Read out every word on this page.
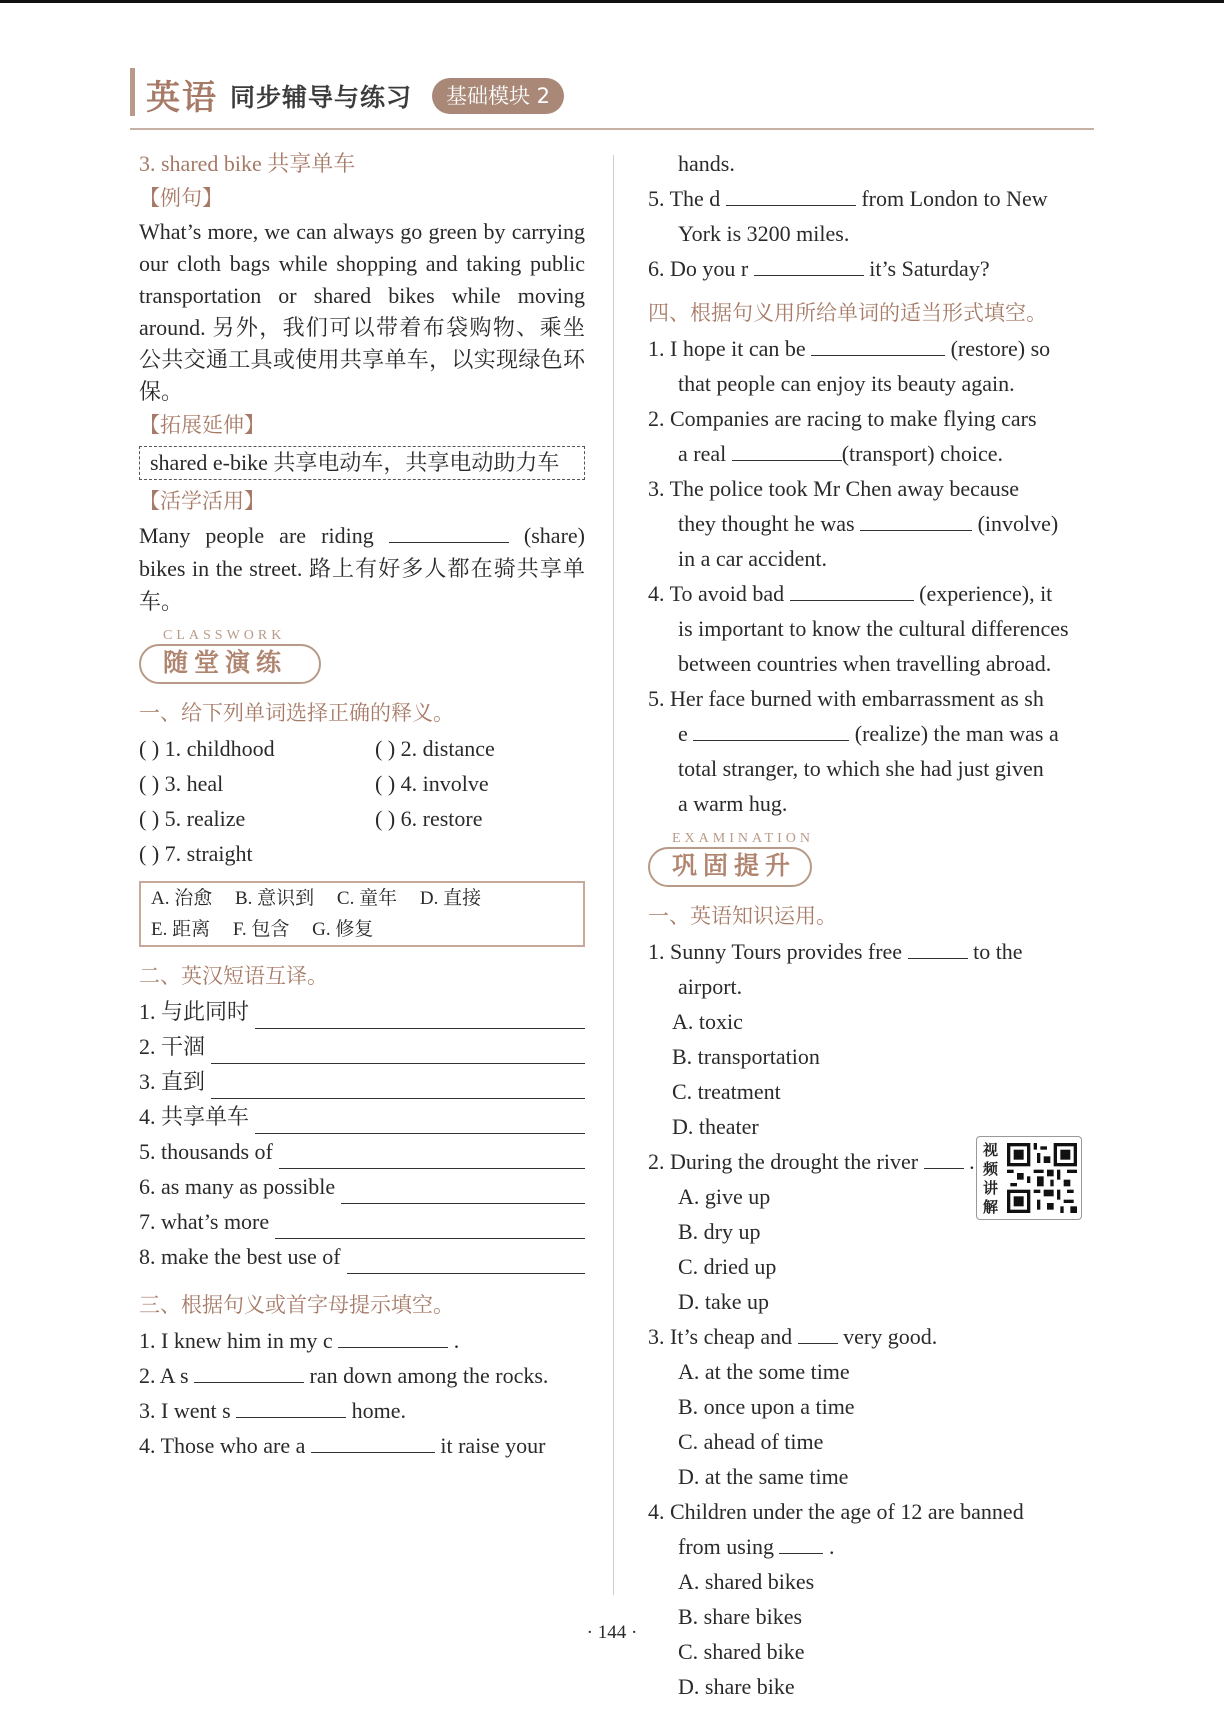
英语 同步辅导与练习	基础模块 2

3. shared bike 共享单车

【例句】

What’s more, we can always go green by carrying our cloth bags while shopping and taking public transportation or shared bikes while moving around. 另外，我们可以带着布袋购物、乘坐公共交通工具或使用共享单车，以实现绿色环保。

【拓展延伸】

shared e-bike 共享电动车，共享电动助力车

【活学活用】

Many people are riding	(share) bikes in the street. 路上有好多人都在骑共享单车。

CLASSWORK
随堂演练

一、给下列单词选择正确的释义。

( ) 1. childhood	( ) 2. distance
( ) 3. heal	( ) 4. involve
( ) 5. realize	( ) 6. restore
( ) 7. straight
A. 治愈 B. 意识到 C. 童年 D. 直接
E. 距离 F. 包含 G. 修复

二、英汉短语互译。

1. 与此同时
2. 干涸
3. 直到
4. 共享单车
5. thousands of
6. as many as possible
7. what’s more
8. make the best use of

三、根据句义或首字母提示填空。

1. I knew him in my c	.

2. A s	ran down among the rocks.

3. I went s	home.

4. Those who are a	it raise your

hands.

5. The d	from London to New

York is 3200 miles.

6. Do you r	it’s Saturday?

四、根据句义用所给单词的适当形式填空。

1. I hope it can be	(restore) so

that people can enjoy its beauty again.

2. Companies are racing to make flying cars

a real	(transport) choice.

3. The police took Mr Chen away because

they thought he was	(involve)

in a car accident.

4. To avoid bad	(experience), it

is important to know the cultural differences

between countries when travelling abroad.

5. Her face burned with embarrassment as sh

e	(realize) the man was a

total stranger, to which she had just given

a warm hug.

EXAMINATION
巩固提升

一、英语知识运用。

1. Sunny Tours provides free	to the

airport.

A. toxic
B. transportation
C. treatment
D. theater

2. During the drought the river .

A. give up

B. dry up

C. dried up

D. take up

3. It’s cheap and very good.

A. at the some time

B. once upon a time

C. ahead of time

D. at the same time

4. Children under the age of 12 are banned

from using	.

A. shared bikes
B. share bikes
C. shared bike
D. share bike
视频讲解
· 144 ·
